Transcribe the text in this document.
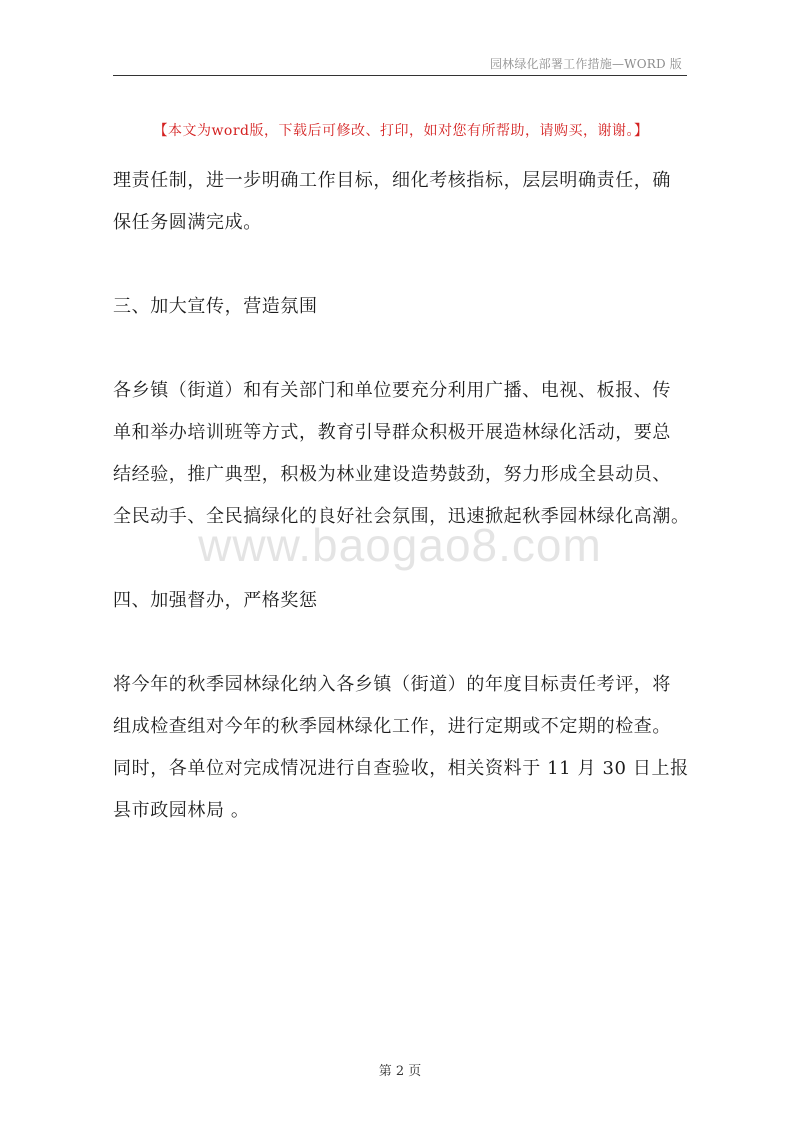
园林绿化部署工作措施—WORD 版
【本文为word版，下载后可修改、打印，如对您有所帮助，请购买，谢谢。】

理责任制，进一步明确工作目标，细化考核指标，层层明确责任，确

保任务圆满完成。

三、加大宣传，营造氛围

各乡镇（街道）和有关部门和单位要充分利用广播、电视、板报、传

单和举办培训班等方式，教育引导群众积极开展造林绿化活动，要总

结经验，推广典型，积极为林业建设造势鼓劲，努力形成全县动员、

全民动手、全民搞绿化的良好社会氛围，迅速掀起秋季园林绿化高潮。

四、加强督办，严格奖惩

将今年的秋季园林绿化纳入各乡镇（街道）的年度目标责任考评，将

组成检查组对今年的秋季园林绿化工作，进行定期或不定期的检查。

同时，各单位对完成情况进行自查验收，相关资料于 11 月 30 日上报

县市政园林局 。

www.baogao8.com
第 2 页
